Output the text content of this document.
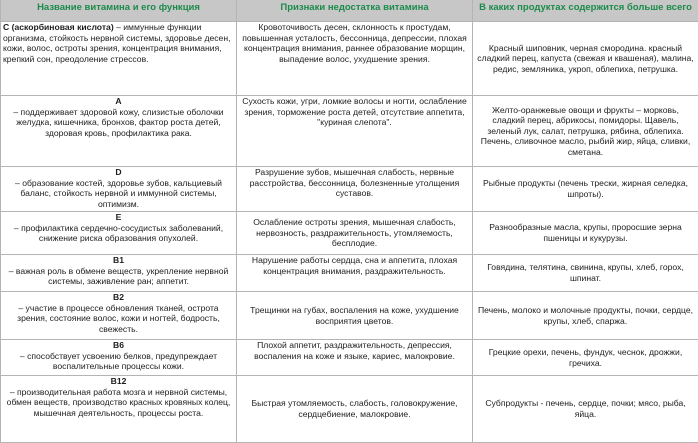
Название витамина и его функция	Признаки недостатка витамина	В каких продуктах содержится больше всего
С (аскорбиновая кислота) – иммунные функции организма, стойкость нервной системы, здоровье десен, кожи, волос, остроты зрения, концентрация внимания, крепкий сон, преодоление стрессов.	Кровоточивость десен, склонность к простудам, повышенная усталость, бессонница, депрессии, плохая концентрация внимания, раннее образование морщин, выпадение волос, ухудшение зрения.	Красный шиповник, черная смородина. красный сладкий перец, капуста (свежая и квашеная), малина, редис, земляника, укроп, облепиха, петрушка.
А
– поддерживает здоровой кожу, слизистые оболочки желудка, кишечника, бронхов, фактор роста детей, здоровая кровь, профилактика рака.	Сухость кожи, угри, ломкие волосы и ногти, ослабление зрения, торможение роста детей, отсутствие аппетита, "куриная слепота".	Желто-оранжевые овощи и фрукты – морковь, сладкий перец, абрикосы, помидоры. Щавель, зеленый лук, салат, петрушка, рябина, облепиха. Печень, сливочное масло, рыбий жир, яйца, сливки, сметана.
D
– образование костей, здоровье зубов, кальциевый баланс, стойкость нервной и иммунной системы, оптимизм.	Разрушение зубов, мышечная слабость, нервные расстройства, бессонница, болезненные утолщения суставов.	Рыбные продукты (печень трески, жирная селедка, шпроты).
Е
– профилактика сердечно-сосудистых заболеваний, снижение риска образования опухолей.	Ослабление остроты зрения, мышечная слабость, нервозность, раздражительность, утомляемость, бесплодие.	Разнообразные масла, крупы, проросшие зерна пшеницы и кукурузы.
В1
– важная роль в обмене веществ, укрепление нервной системы, заживление ран; аппетит.	Нарушение работы сердца, сна и аппетита, плохая концентрация внимания, раздражительность.	Говядина, телятина, свинина, крупы, хлеб, горох, шпинат.
В2
– участие в процессе обновления тканей, острота зрения, состояние волос, кожи и ногтей, бодрость, свежесть.	Трещинки на губах, воспаления на коже, ухудшение восприятия цветов.	Печень, молоко и молочные продукты, почки, сердце, крупы, хлеб, спаржа.
В6
– способствует усвоению белков, предупреждает воспалительные процессы кожи.	Плохой аппетит, раздражительность, депрессия, воспаления на коже и языке, кариес, малокровие.	Грецкие орехи, печень, фундук, чеснок, дрожжи, гречиха.
В12
– производительная работа мозга и нервной системы, обмен веществ, производство красных кровяных колец, мышечная деятельность, процессы роста.	Быстрая утомляемость, слабость, головокружение, сердцебиение, малокровие.	Субпродукты - печень, сердце, почки; мясо, рыба, яйца.
